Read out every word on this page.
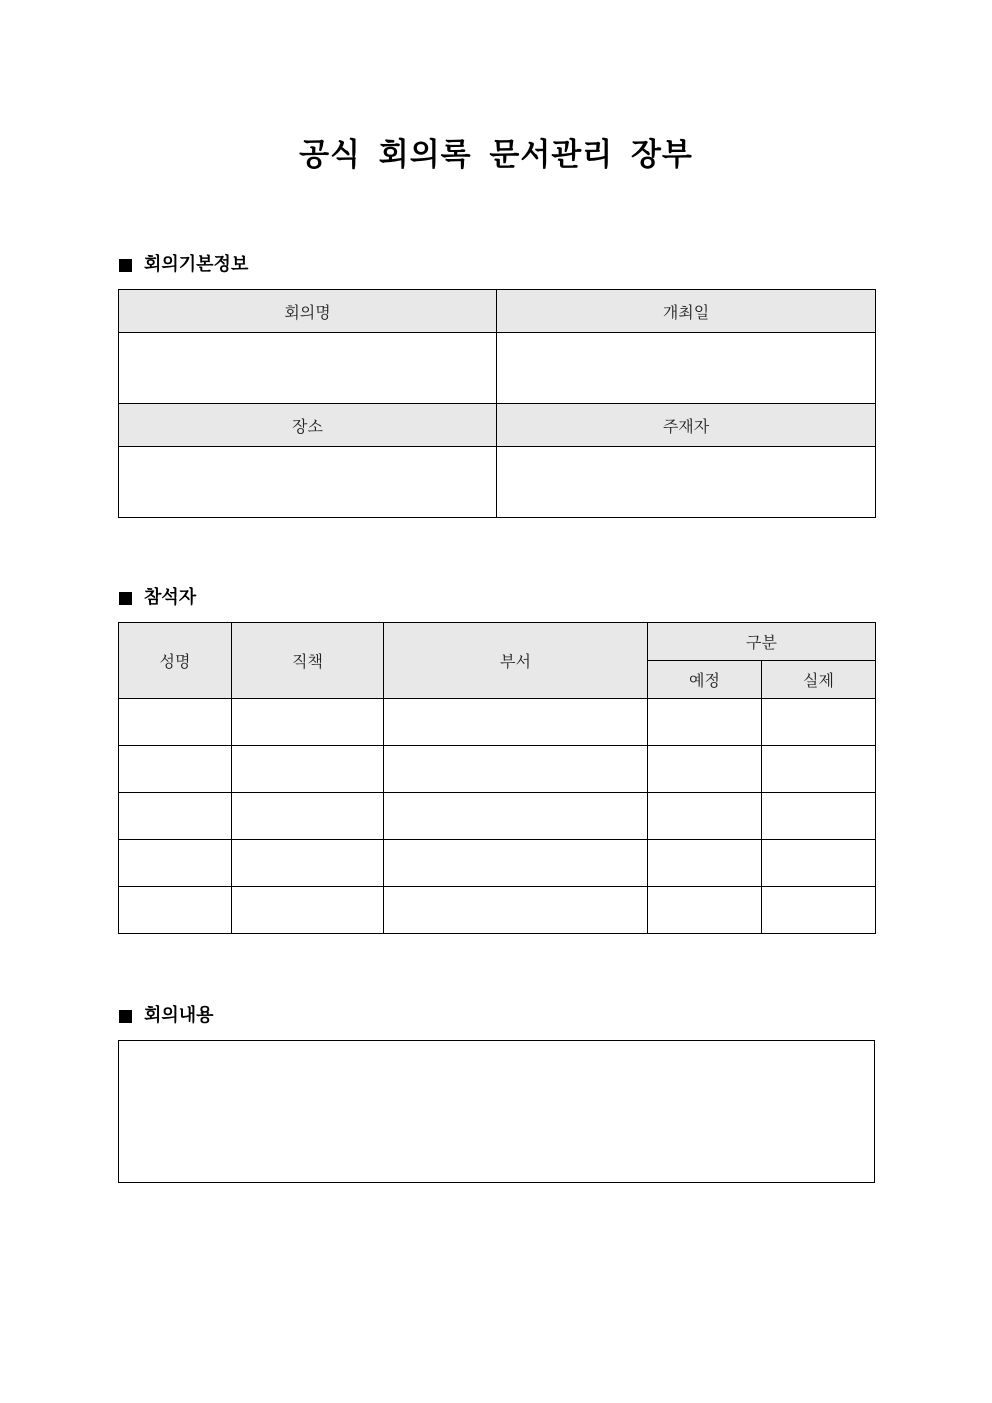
공식 회의록 문서관리 장부
회의기본정보
회의명	개최일

장소	주재자

참석자
성명	직책	부서	구분	
			예정	실제

회의내용
